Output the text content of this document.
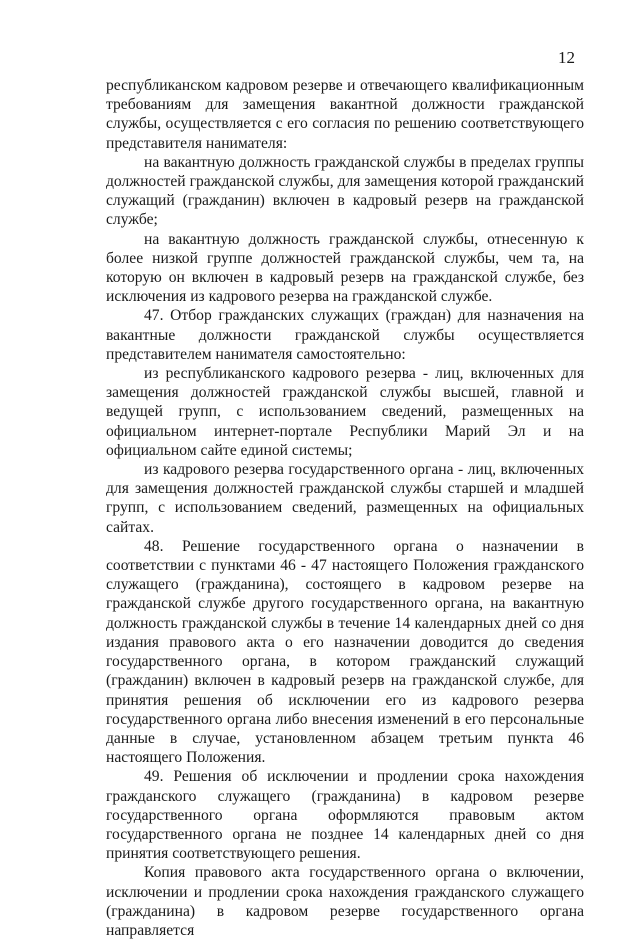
12

республиканском кадровом резерве и отвечающего квалификационным требованиям для замещения вакантной должности гражданской службы, осуществляется с его согласия по решению соответствующего представителя нанимателя:

на вакантную должность гражданской службы в пределах группы должностей гражданской службы, для замещения которой гражданский служащий (гражданин) включен в кадровый резерв на гражданской службе;

на вакантную должность гражданской службы, отнесенную к более низкой группе должностей гражданской службы, чем та, на которую он включен в кадровый резерв на гражданской службе, без исключения из кадрового резерва на гражданской службе.

47. Отбор гражданских служащих (граждан) для назначения на вакантные должности гражданской службы осуществляется представителем нанимателя самостоятельно:

из республиканского кадрового резерва - лиц, включенных для замещения должностей гражданской службы высшей, главной и ведущей групп, с использованием сведений, размещенных на официальном интернет-портале Республики Марий Эл и на официальном сайте единой системы;

из кадрового резерва государственного органа - лиц, включенных для замещения должностей гражданской службы старшей и младшей групп, с использованием сведений, размещенных на официальных сайтах.

48. Решение государственного органа о назначении в соответствии с пунктами 46 - 47 настоящего Положения гражданского служащего (гражданина), состоящего в кадровом резерве на гражданской службе другого государственного органа, на вакантную должность гражданской службы в течение 14 календарных дней со дня издания правового акта о его назначении доводится до сведения государственного органа, в котором гражданский служащий (гражданин) включен в кадровый резерв на гражданской службе, для принятия решения об исключении его из кадрового резерва государственного органа либо внесения изменений в его персональные данные в случае, установленном абзацем третьим пункта 46 настоящего Положения.

49. Решения об исключении и продлении срока нахождения гражданского служащего (гражданина) в кадровом резерве государственного органа оформляются правовым актом государственного органа не позднее 14 календарных дней со дня принятия соответствующего решения.

Копия правового акта государственного органа о включении, исключении и продлении срока нахождения гражданского служащего (гражданина) в кадровом резерве государственного органа направляется
